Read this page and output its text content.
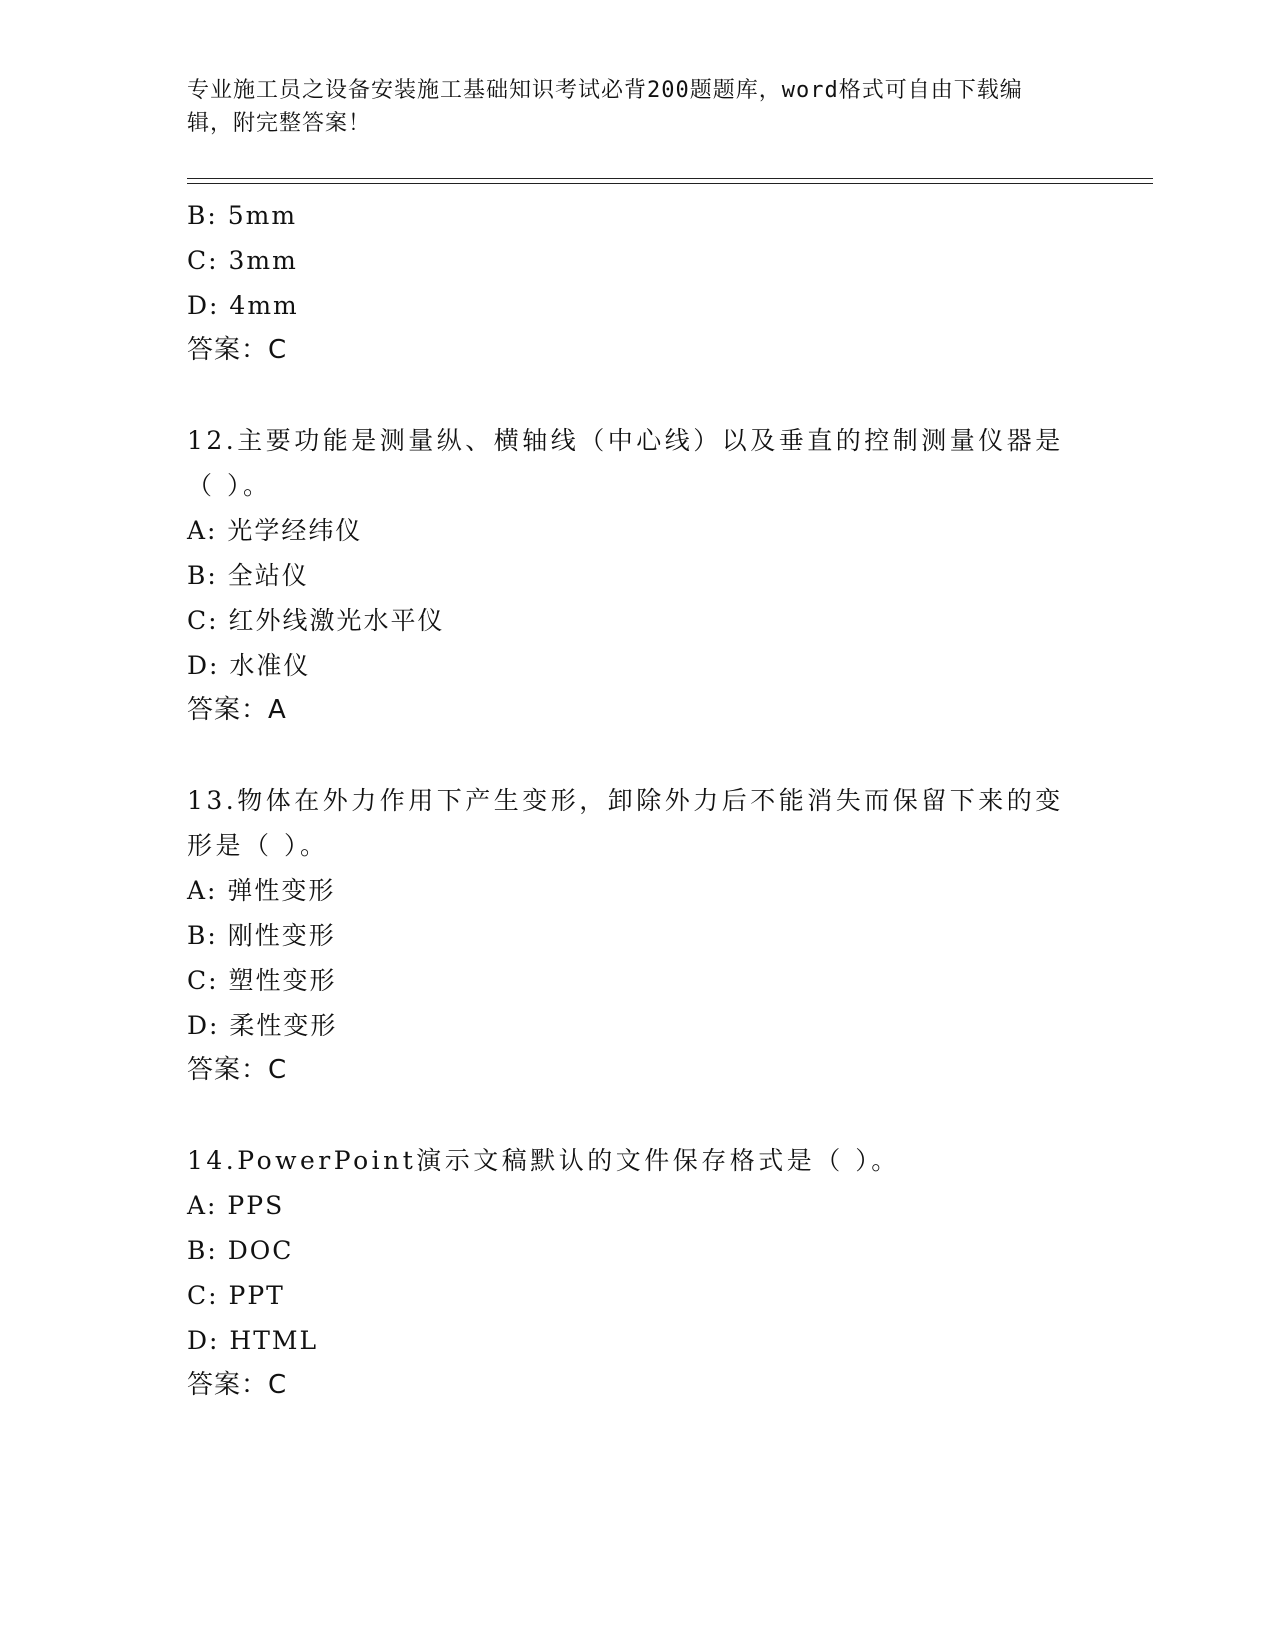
专业施工员之设备安装施工基础知识考试必背200题题库，word格式可自由下载编辑，附完整答案！
B: 5mm
C: 3mm
D: 4mm
答案：C
12.主要功能是测量纵、横轴线（中心线）以及垂直的控制测量仪器是（ ）。
A: 光学经纬仪
B: 全站仪
C: 红外线激光水平仪
D: 水准仪
答案：A
13.物体在外力作用下产生变形，卸除外力后不能消失而保留下来的变形是（ ）。
A: 弹性变形
B: 刚性变形
C: 塑性变形
D: 柔性变形
答案：C
14.PowerPoint演示文稿默认的文件保存格式是（ ）。
A: PPS
B: DOC
C: PPT
D: HTML
答案：C
